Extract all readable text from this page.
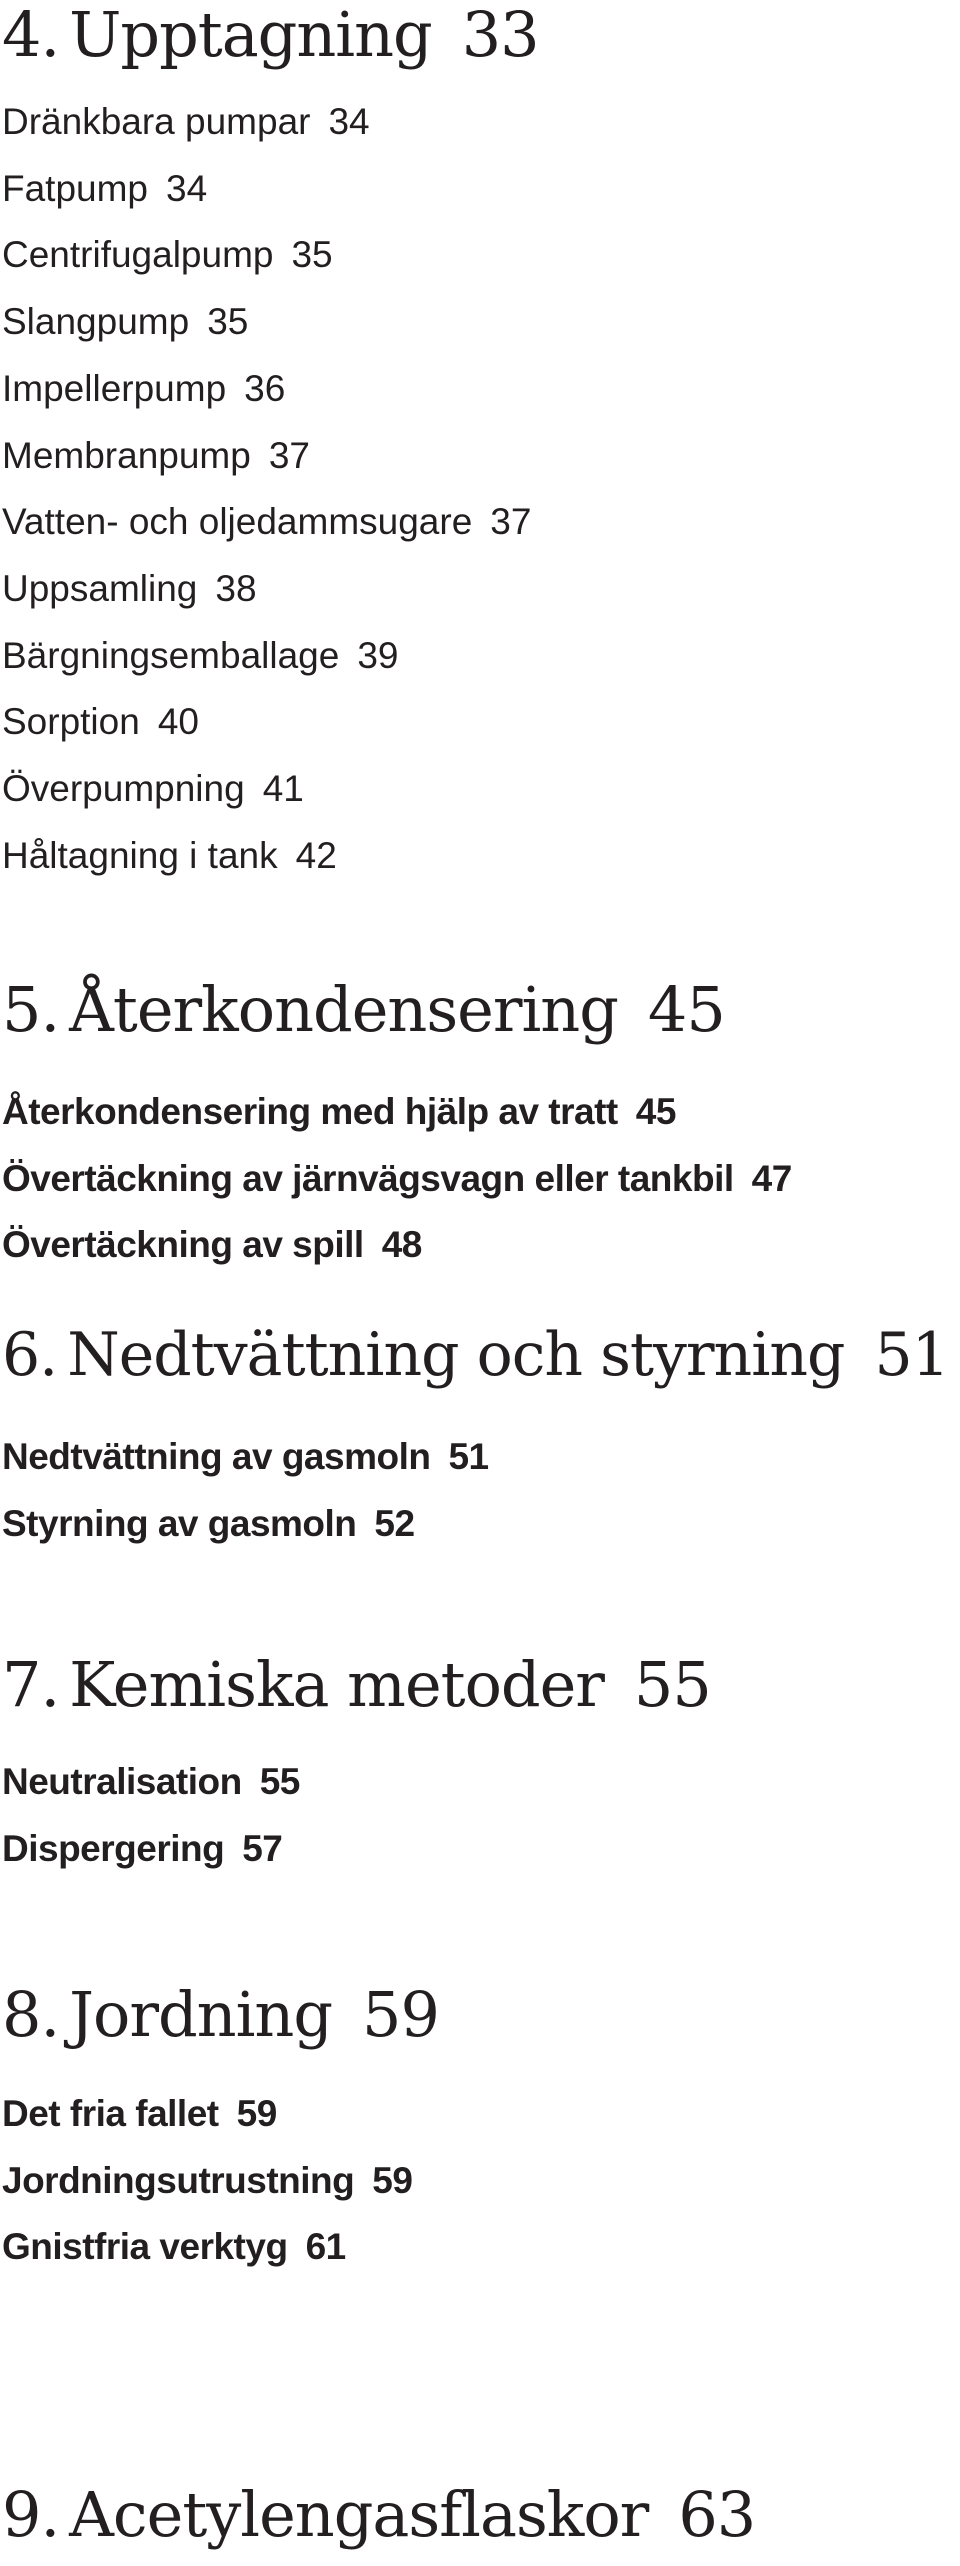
4. Upptagning 33

Dränkbara pumpar 34

Fatpump 34

Centrifugalpump 35

Slangpump 35

Impellerpump 36

Membranpump 37

Vatten- och oljedammsugare 37

Uppsamling 38

Bärgningsemballage 39

Sorption 40

Överpumpning 41

Håltagning i tank 42

5. Återkondensering 45

Återkondensering med hjälp av tratt 45

Övertäckning av järnvägsvagn eller tankbil 47

Övertäckning av spill 48

6. Nedtvättning och styrning 51

Nedtvättning av gasmoln 51

Styrning av gasmoln 52

7. Kemiska metoder 55

Neutralisation 55

Dispergering 57

8. Jordning 59

Det fria fallet 59

Jordningsutrustning 59

Gnistfria verktyg 61

9. Acetylengasflaskor 63
